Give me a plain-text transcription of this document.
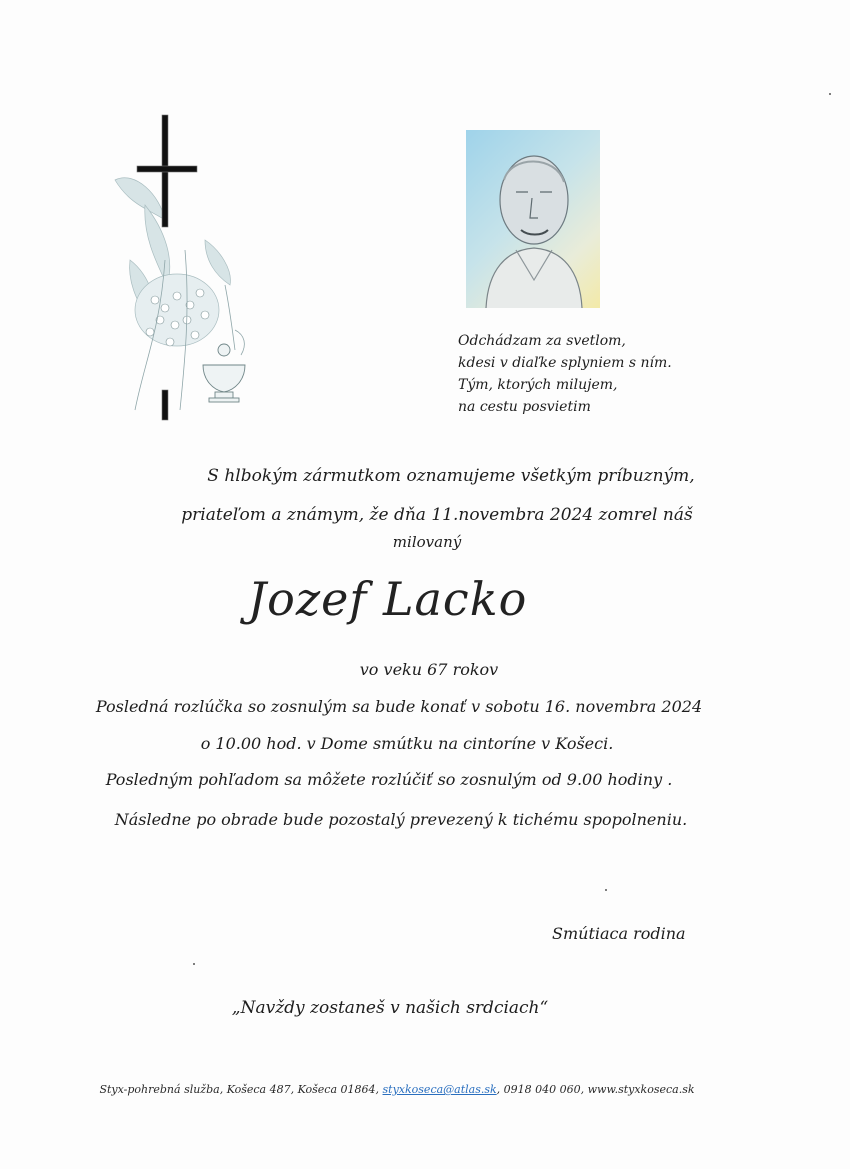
Odchádzam za svetlom,
kdesi v diaľke splyniem s ním.
Tým, ktorých milujem,
na cestu posvietim
S hlbokým zármutkom oznamujeme všetkým príbuzným,
priateľom a známym, že dňa 11.novembra 2024 zomrel náš
milovaný
Jozef Lacko
vo veku 67 rokov
Posledná rozlúčka so zosnulým sa bude konať v sobotu 16. novembra 2024
o 10.00 hod. v Dome smútku na cintoríne v Košeci.
Posledným pohľadom sa môžete rozlúčiť so zosnulým od 9.00 hodiny .
Následne po obrade bude pozostalý prevezený k tichému spopolneniu.
Smútiaca rodina
„Navždy zostaneš v našich srdciach“
Styx-pohrebná služba, Košeca 487, Košeca 01864, styxkoseca@atlas.sk, 0918 040 060, www.styxkoseca.sk
